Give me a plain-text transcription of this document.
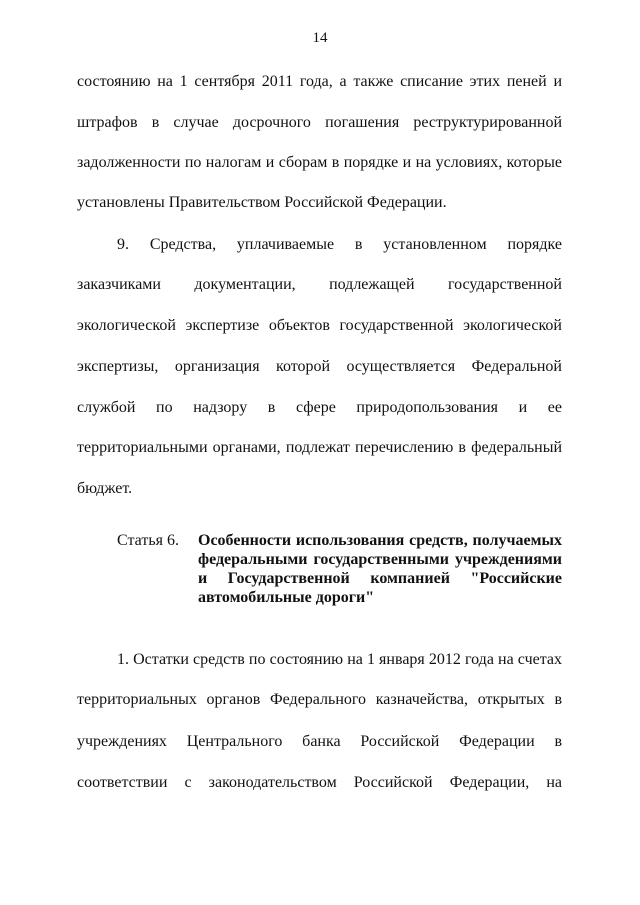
14
состоянию на 1 сентября 2011 года, а также списание этих пеней и
штрафов в случае досрочного погашения реструктурированной
задолженности по налогам и сборам в порядке и на условиях, которые
установлены Правительством Российской Федерации.
9. Средства, уплачиваемые в установленном порядке
заказчиками документации, подлежащей государственной
экологической экспертизе объектов государственной экологической
экспертизы, организация которой осуществляется Федеральной
службой по надзору в сфере природопользования и ее
территориальными органами, подлежат перечислению в федеральный
бюджет.
Статья 6. Особенности использования средств, получаемых
федеральными государственными учреждениями
и Государственной компанией "Российские
автомобильные дороги"
1. Остатки средств по состоянию на 1 января 2012 года на счетах
территориальных органов Федерального казначейства, открытых в
учреждениях Центрального банка Российской Федерации в
соответствии с законодательством Российской Федерации, на
